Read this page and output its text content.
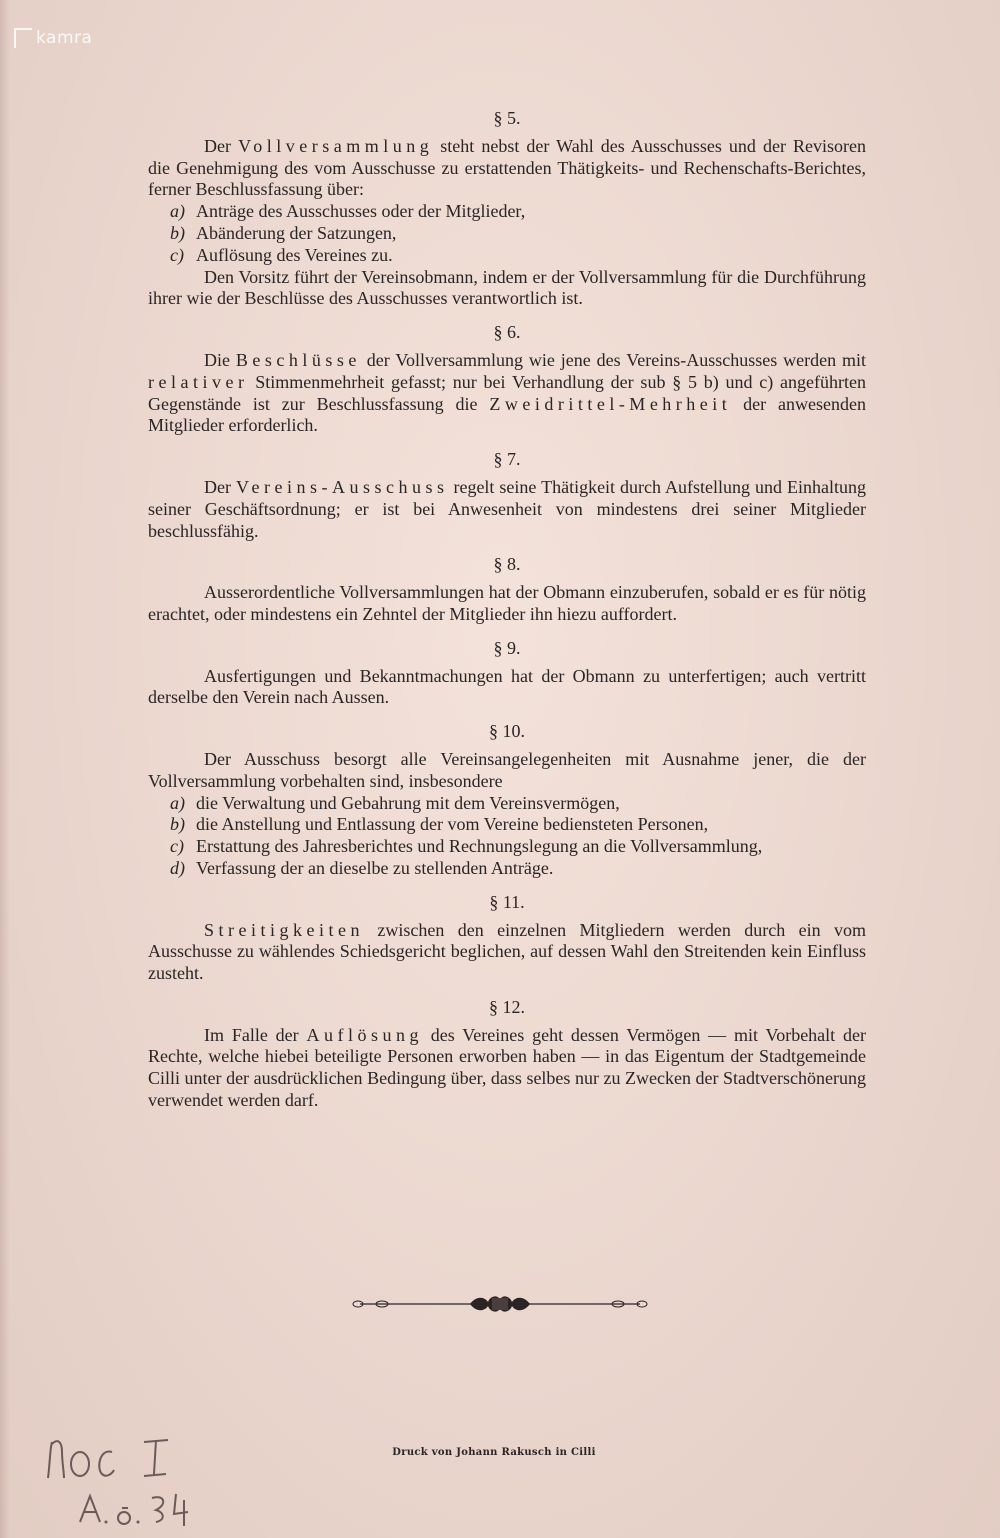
kamra
§ 5.

Der Vollversammlung steht nebst der Wahl des Ausschusses und der Revisoren die Genehmigung des vom Ausschusse zu erstattenden Thätigkeits- und Rechenschafts-Berichtes, ferner Beschlussfassung über:

a) Anträge des Ausschusses oder der Mitglieder,
b) Abänderung der Satzungen,
c) Auflösung des Vereines zu.

Den Vorsitz führt der Vereinsobmann, indem er der Vollversammlung für die Durchführung ihrer wie der Beschlüsse des Ausschusses verantwortlich ist.

§ 6.

Die Beschlüsse der Vollversammlung wie jene des Vereins-Ausschusses werden mit relativer Stimmenmehrheit gefasst; nur bei Verhandlung der sub § 5 b) und c) angeführten Gegenstände ist zur Beschlussfassung die Zweidrittel-Mehrheit der anwesenden Mitglieder erforderlich.

§ 7.

Der Vereins-Ausschuss regelt seine Thätigkeit durch Aufstellung und Einhaltung seiner Geschäftsordnung; er ist bei Anwesenheit von mindestens drei seiner Mitglieder beschlussfähig.

§ 8.

Ausserordentliche Vollversammlungen hat der Obmann einzuberufen, sobald er es für nötig erachtet, oder mindestens ein Zehntel der Mitglieder ihn hiezu auffordert.

§ 9.

Ausfertigungen und Bekanntmachungen hat der Obmann zu unterfertigen; auch vertritt derselbe den Verein nach Aussen.

§ 10.

Der Ausschuss besorgt alle Vereinsangelegenheiten mit Ausnahme jener, die der Vollversammlung vorbehalten sind, insbesondere

a) die Verwaltung und Gebahrung mit dem Vereinsvermögen,
b) die Anstellung und Entlassung der vom Vereine bediensteten Personen,
c) Erstattung des Jahresberichtes und Rechnungslegung an die Vollversammlung,
d) Verfassung der an dieselbe zu stellenden Anträge.
§ 11.

Streitigkeiten zwischen den einzelnen Mitgliedern werden durch ein vom Ausschusse zu wählendes Schiedsgericht beglichen, auf dessen Wahl den Streitenden kein Einfluss zusteht.

§ 12.

Im Falle der Auflösung des Vereines geht dessen Vermögen — mit Vorbehalt der Rechte, welche hiebei beteiligte Personen erworben haben — in das Eigentum der Stadtgemeinde Cilli unter der ausdrücklichen Bedingung über, dass selbes nur zu Zwecken der Stadtverschönerung verwendet werden darf.

Druck von Johann Rakusch in Cilli
